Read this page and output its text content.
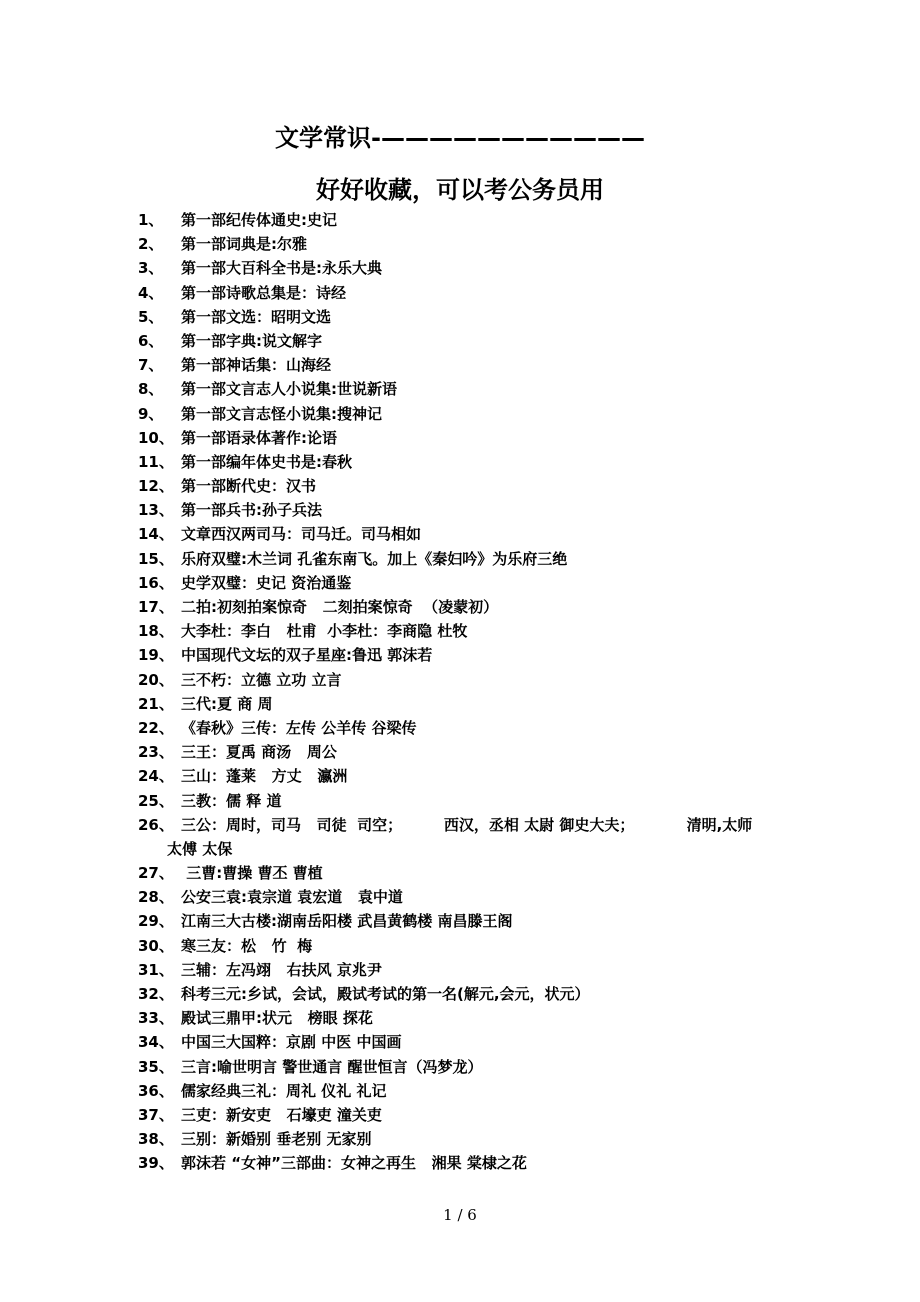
文学常识-———————————
好好收藏，可以考公务员用
1、	第一部纪传体通史:史记
2、	第一部词典是:尔雅
3、	第一部大百科全书是:永乐大典
4、	第一部诗歌总集是：诗经
5、	第一部文选：昭明文选
6、	第一部字典:说文解字
7、	第一部神话集：山海经
8、	第一部文言志人小说集:世说新语
9、	第一部文言志怪小说集:搜神记
10、 第一部语录体著作:论语
11、 第一部编年体史书是:春秋
12、 第一部断代史：汉书
13、 第一部兵书:孙子兵法
14、 文章西汉两司马：司马迁。司马相如
15、 乐府双璧:木兰词 孔雀东南飞。加上《秦妇吟》为乐府三绝
16、 史学双璧：史记 资治通鉴
17、 二拍:初刻拍案惊奇   二刻拍案惊奇  （凌蒙初）
18、 大李杜：李白   杜甫  小李杜：李商隐 杜牧
19、 中国现代文坛的双子星座:鲁迅 郭沫若
20、 三不朽：立德 立功 立言
21、 三代:夏 商 周
22、 《春秋》三传：左传 公羊传 谷梁传
23、 三王：夏禹 商汤   周公
24、 三山：蓬莱   方丈   瀛洲
25、 三教：儒 释 道
26、 三公：周时，司马   司徒  司空；	西汉，丞相 太尉 御史大夫；	清明,太师
太傅 太保
27、 三曹:曹操 曹丕 曹植
28、 公安三袁:袁宗道 袁宏道   袁中道
29、 江南三大古楼:湖南岳阳楼 武昌黄鹤楼 南昌滕王阁
30、 寒三友：松   竹  梅
31、 三辅：左冯翊   右扶风 京兆尹
32、 科考三元:乡试，会试，殿试考试的第一名(解元,会元，状元）
33、 殿试三鼎甲:状元   榜眼 探花
34、 中国三大国粹：京剧 中医 中国画
35、 三言:喻世明言 警世通言 醒世恒言（冯梦龙）
36、 儒家经典三礼：周礼 仪礼 礼记
37、 三吏：新安吏   石壕吏 潼关吏
38、 三别：新婚别 垂老别 无家别
39、 郭沫若 “女神”三部曲：女神之再生   湘果 棠棣之花
1 / 6
